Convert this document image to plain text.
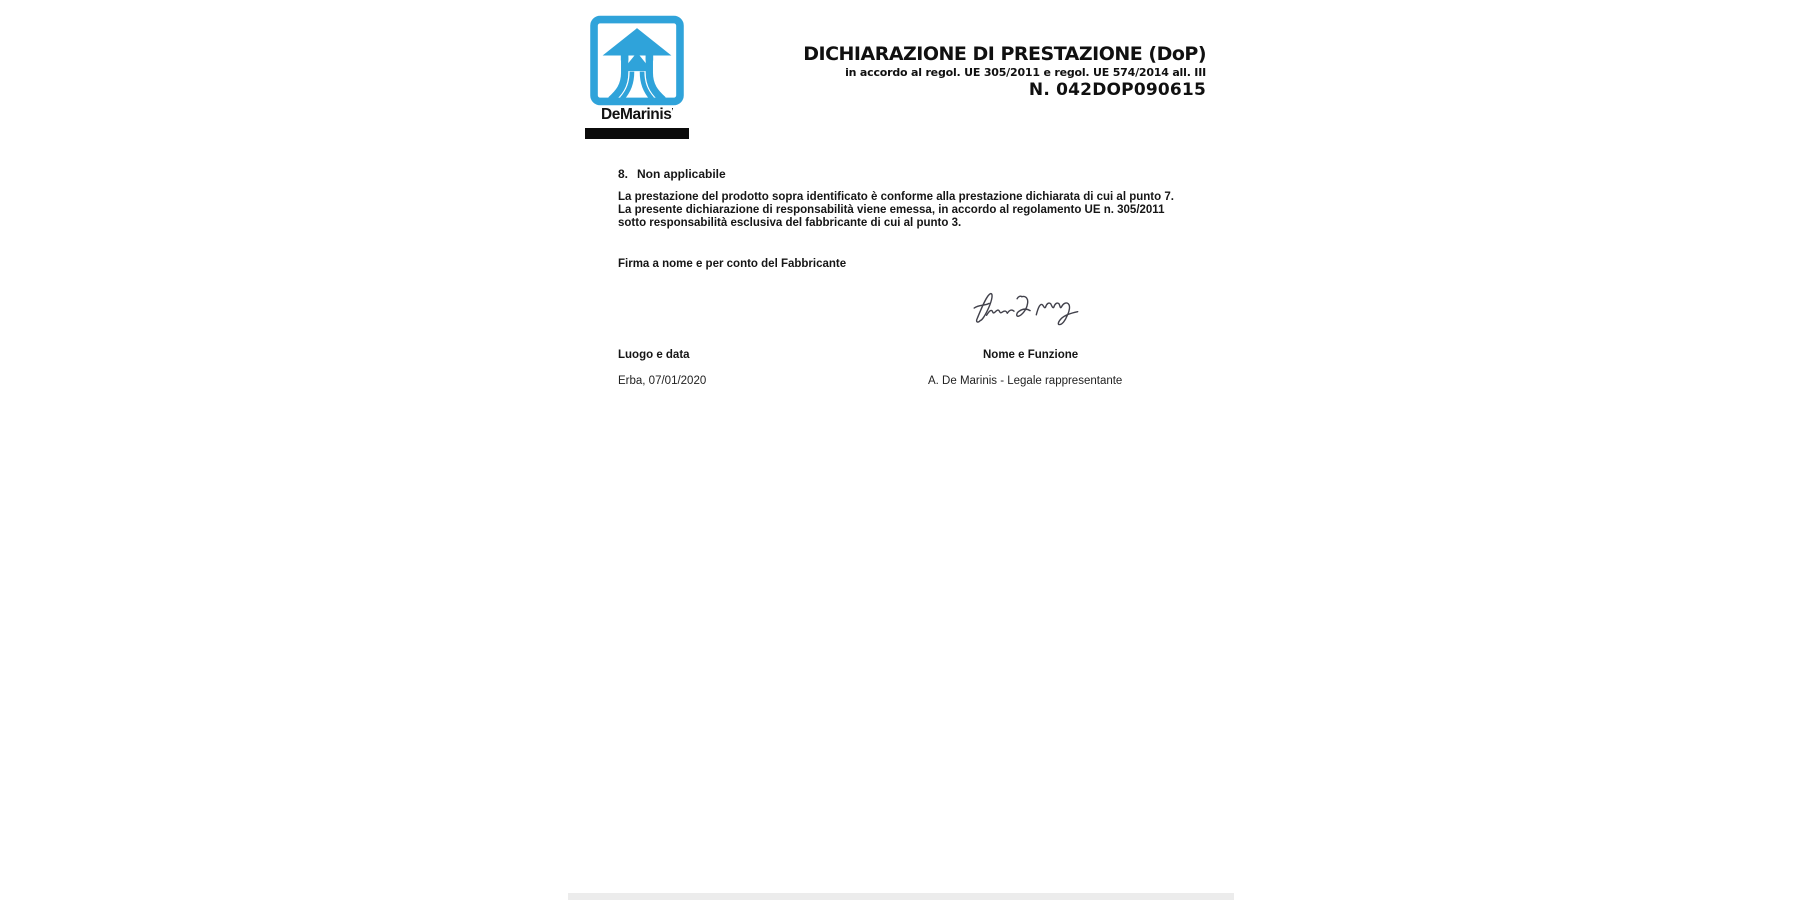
DeMarinis’
DICHIARAZIONE DI PRESTAZIONE (DoP)
in accordo al regol. UE 305/2011 e regol. UE 574/2014 all. III
N. 042DOP090615
8. Non applicabile
La prestazione del prodotto sopra identificato è conforme alla prestazione dichiarata di cui al punto 7.
La presente dichiarazione di responsabilità viene emessa, in accordo al regolamento UE n. 305/2011
sotto responsabilità esclusiva del fabbricante di cui al punto 3.
Firma a nome e per conto del Fabbricante
Luogo e data	Nome e Funzione
Erba, 07/01/2020	A. De Marinis - Legale rappresentante
